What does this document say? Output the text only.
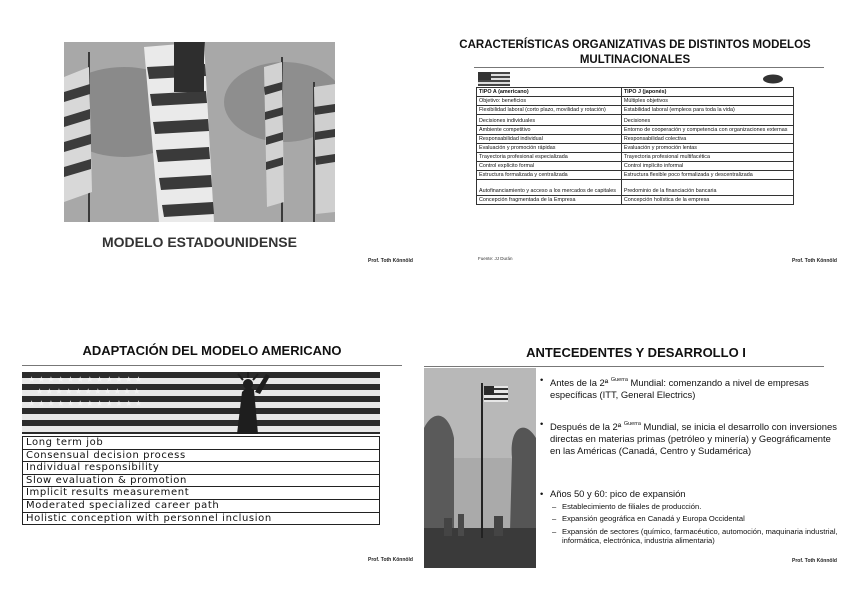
MODELO ESTADOUNIDENSE
Prof. Toth Könnöld
CARACTERÍSTICAS ORGANIZATIVAS DE DISTINTOS MODELOS
MULTINACIONALES
TIPO A (americano)	TIPO J (japonés)
Objetivo: beneficios	Múltiples objetivos
Flexibilidad laboral (corto plazo, movilidad y rotación)	Estabilidad laboral (empleos para toda la vida)
Decisiones individuales	Decisiones
Ambiente competitivo	Entorno de cooperación y competencia con organizaciones externas
Responsabilidad individual	Responsabilidad colectiva
Evaluación y promoción rápidas	Evaluación y promoción lentas
Trayectoria profesional especializada	Trayectoria profesional multifacética
Control explícito formal	Control implícito informal
Estructura formalizada y centralizada	Estructura flexible poco formalizada y descentralizada
Autofinanciamiento y acceso a los mercados de capitales	Predominio de la financiación bancaria
Concepción fragmentada de la Empresa	Concepción holística de la empresa
Fuente: JJ Durán	Prof. Toth Könnöld
ADAPTACIÓN DEL MODELO AMERICANO
★ ★ ★ ★ ★ ★ ★ ★ ★ ★ ★ ★
★ ★ ★ ★ ★ ★ ★ ★ ★ ★ ★
★ ★ ★ ★ ★ ★ ★ ★ ★ ★ ★ ★
Long term job
Consensual decision process
Individual responsibility
Slow evaluation & promotion
Implicit results measurement
Moderated specialized career path
Holistic conception with personnel inclusion
Prof. Toth Könnöld
ANTECEDENTES Y DESARROLLO I
• Antes de la 2ª $^{Guerra}$ Mundial: comenzando a nivel de empresas específicas (ITT, General Electrics)
• Después de la 2ª $^{Guerra}$ Mundial, se inicia el desarrollo con inversiones directas en materias primas (petróleo y minería) y Geográficamente en las Américas (Canadá, Centro y Sudamérica)
• Años 50 y 60: pico de expansión
– Establecimiento de filiales de producción.
– Expansión geográfica en Canadá y Europa Occidental
– Expansión de sectores (químico, farmacéutico, automoción, maquinaria industrial, informática, electrónica, industria alimentaria)
Prof. Toth Könnöld
